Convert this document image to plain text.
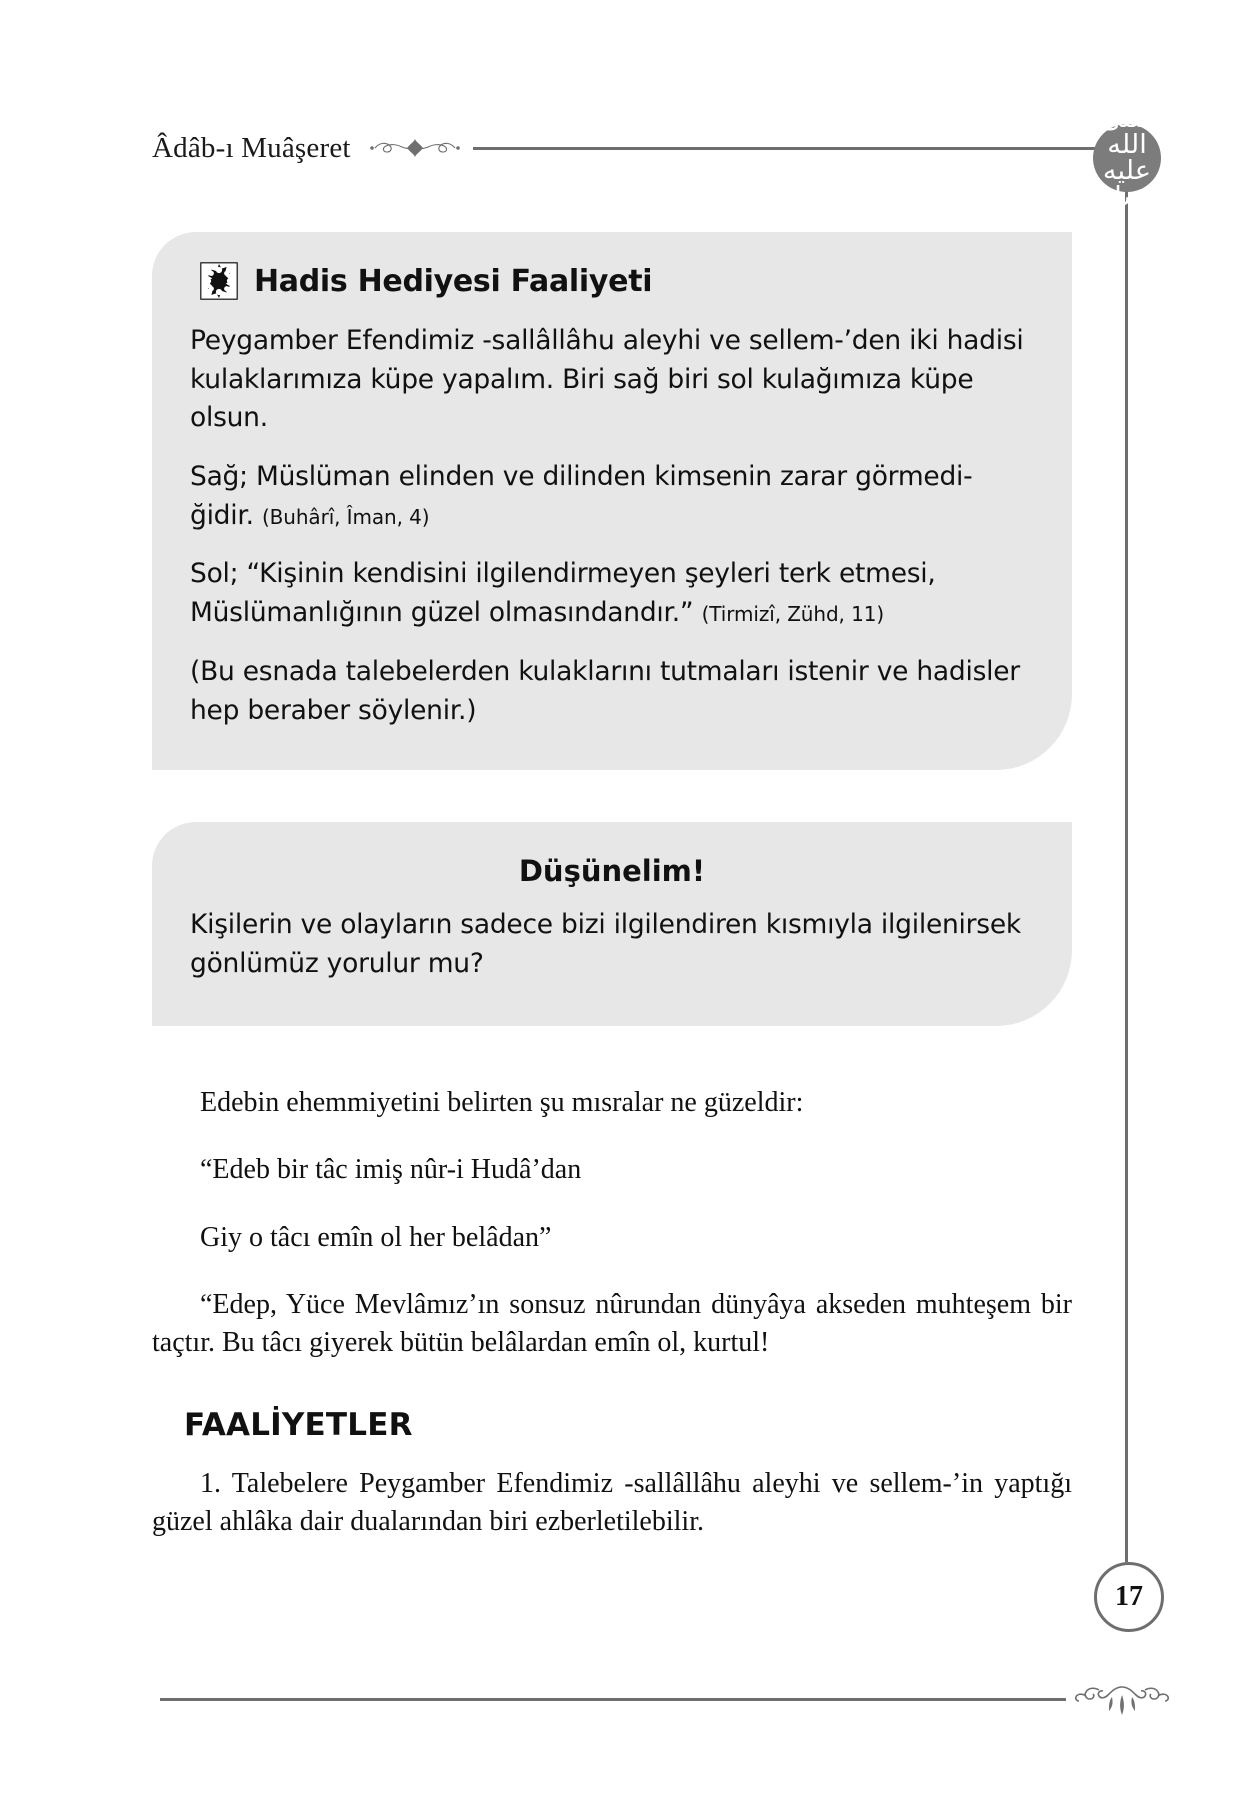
Âdâb-ı Muâşeret
صلى الله عليه وسلم
Hadis Hediyesi Faaliyeti

Peygamber Efendimiz -sallâllâhu aleyhi ve sellem-’den iki hadisi kulaklarımıza küpe yapalım. Biri sağ biri sol kulağımıza küpe olsun.

Sağ; Müslüman elinden ve dilinden kimsenin zarar görmedi-ğidir. (Buhârî, Îman, 4)

Sol; “Kişinin kendisini ilgilendirmeyen şeyleri terk etmesi, Müslümanlığının güzel olmasındandır.” (Tirmizî, Zühd, 11)

(Bu esnada talebelerden kulaklarını tutmaları istenir ve hadisler hep beraber söylenir.)

Düşünelim!

Kişilerin ve olayların sadece bizi ilgilendiren kısmıyla ilgilenirsek gönlümüz yorulur mu?

Edebin ehemmiyetini belirten şu mısralar ne güzeldir:

“Edeb bir tâc imiş nûr-i Hudâ’dan

Giy o tâcı emîn ol her belâdan”

“Edep, Yüce Mevlâmız’ın sonsuz nûrundan dünyâya akseden muhteşem bir taçtır. Bu tâcı giyerek bütün belâlardan emîn ol, kurtul!

FAALİYETLER

1. Talebelere Peygamber Efendimiz -sallâllâhu aleyhi ve sellem-’in yaptığı güzel ahlâka dair dualarından biri ezberletilebilir.

17
